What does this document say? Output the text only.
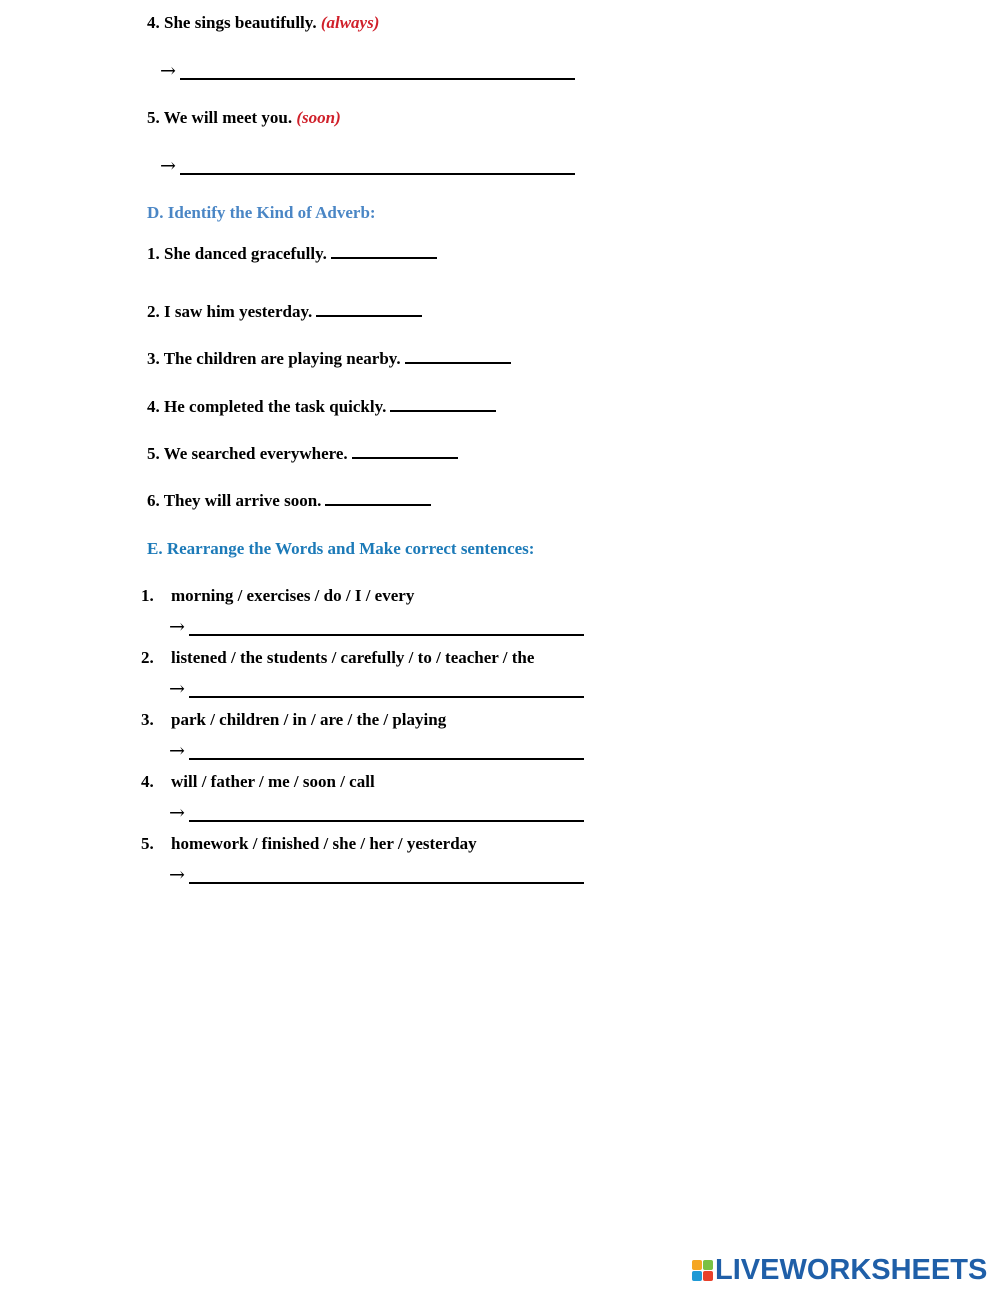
4. She sings beautifully. (always)
→
5. We will meet you. (soon)
→
D. Identify the Kind of Adverb:
1. She danced gracefully.
2. I saw him yesterday.
3. The children are playing nearby.
4. He completed the task quickly.
5. We searched everywhere.
6. They will arrive soon.
E. Rearrange the Words and Make correct sentences:
1. morning / exercises / do / I / every
→
2. listened / the students / carefully / to / teacher / the
→
3. park / children / in / are / the / playing
→
4. will / father / me / soon / call
→
5. homework / finished / she / her / yesterday
→
LIVEWORKSHEETS
